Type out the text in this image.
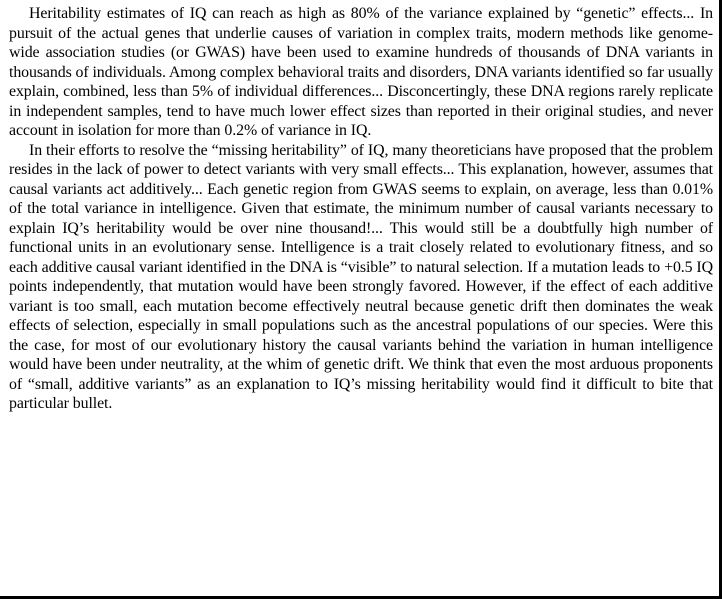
Heritability estimates of IQ can reach as high as 80% of the variance explained by “genetic” effects... In pursuit of the actual genes that underlie causes of variation in complex traits, modern methods like genome-wide association studies (or GWAS) have been used to examine hundreds of thousands of DNA variants in thousands of individuals. Among complex behavioral traits and disorders, DNA variants identified so far usually explain, combined, less than 5% of individual differences... Disconcertingly, these DNA regions rarely replicate in independent samples, tend to have much lower effect sizes than reported in their original studies, and never account in isolation for more than 0.2% of variance in IQ.

In their efforts to resolve the “missing heritability” of IQ, many theoreticians have proposed that the problem resides in the lack of power to detect variants with very small effects... This explanation, however, assumes that causal variants act additively... Each genetic region from GWAS seems to explain, on average, less than 0.01% of the total variance in intelligence. Given that estimate, the minimum number of causal variants necessary to explain IQ’s heritability would be over nine thousand!... This would still be a doubtfully high number of functional units in an evolutionary sense. Intelligence is a trait closely related to evolutionary fitness, and so each additive causal variant identified in the DNA is “visible” to natural selection. If a mutation leads to +0.5 IQ points independently, that mutation would have been strongly favored. However, if the effect of each additive variant is too small, each mutation become effectively neutral because genetic drift then dominates the weak effects of selection, especially in small populations such as the ancestral populations of our species. Were this the case, for most of our evolutionary history the causal variants behind the variation in human intelligence would have been under neutrality, at the whim of genetic drift. We think that even the most arduous proponents of “small, additive variants” as an explanation to IQ’s missing heritability would find it difficult to bite that particular bullet.
